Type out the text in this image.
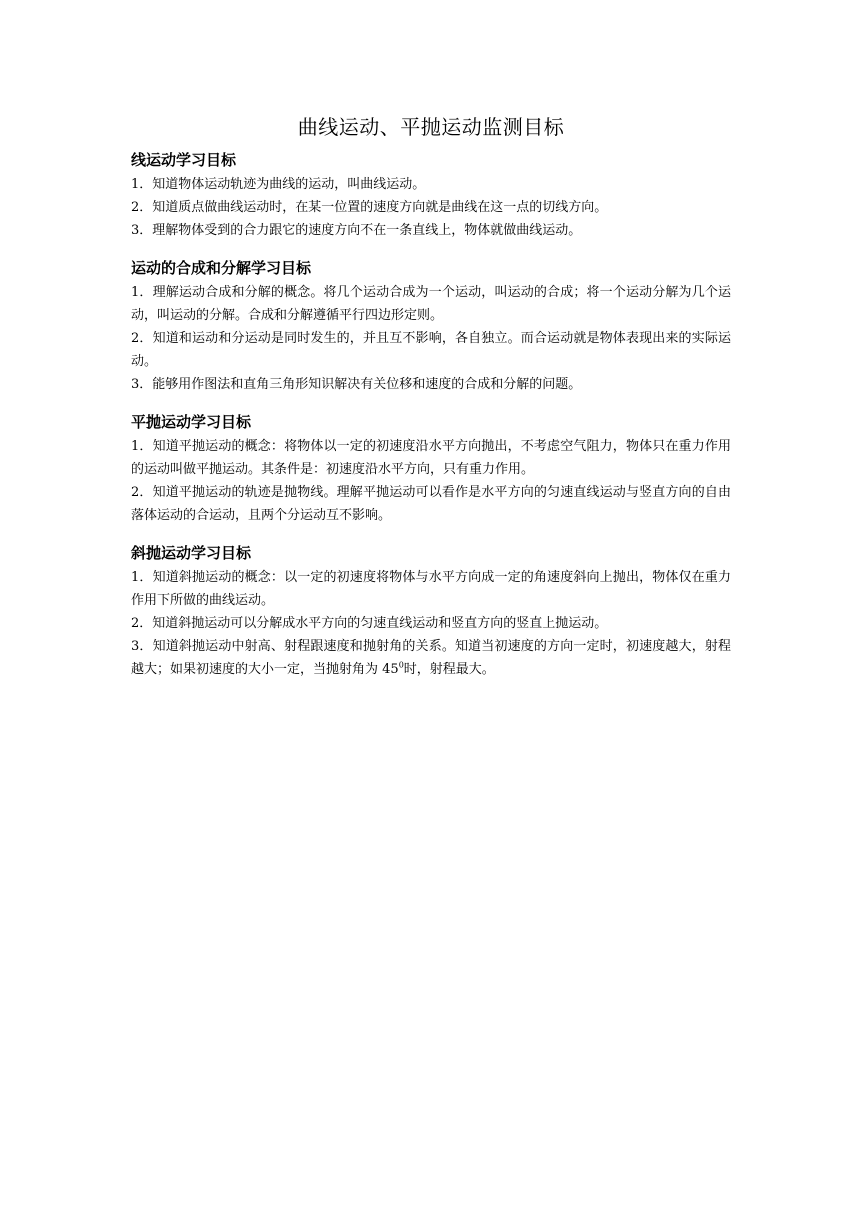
曲线运动、平抛运动监测目标
线运动学习目标

1．知道物体运动轨迹为曲线的运动，叫曲线运动。

2．知道质点做曲线运动时，在某一位置的速度方向就是曲线在这一点的切线方向。

3．理解物体受到的合力跟它的速度方向不在一条直线上，物体就做曲线运动。

运动的合成和分解学习目标

1．理解运动合成和分解的概念。将几个运动合成为一个运动，叫运动的合成；将一个运动分解为几个运动，叫运动的分解。合成和分解遵循平行四边形定则。

2．知道和运动和分运动是同时发生的，并且互不影响，各自独立。而合运动就是物体表现出来的实际运动。

3．能够用作图法和直角三角形知识解决有关位移和速度的合成和分解的问题。

平抛运动学习目标

1．知道平抛运动的概念：将物体以一定的初速度沿水平方向抛出，不考虑空气阻力，物体只在重力作用的运动叫做平抛运动。其条件是：初速度沿水平方向，只有重力作用。

2．知道平抛运动的轨迹是抛物线。理解平抛运动可以看作是水平方向的匀速直线运动与竖直方向的自由落体运动的合运动，且两个分运动互不影响。

斜抛运动学习目标

1．知道斜抛运动的概念：以一定的初速度将物体与水平方向成一定的角速度斜向上抛出，物体仅在重力作用下所做的曲线运动。

2．知道斜抛运动可以分解成水平方向的匀速直线运动和竖直方向的竖直上抛运动。

3．知道斜抛运动中射高、射程跟速度和抛射角的关系。知道当初速度的方向一定时，初速度越大，射程越大；如果初速度的大小一定，当抛射角为 $45^0$时，射程最大。
